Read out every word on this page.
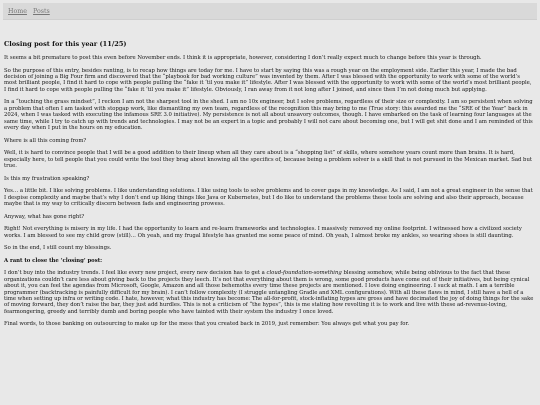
Home Posts
Closing post for this year (11/25)

It seems a bit premature to post this even before November ends. I think it is appropriate, however, considering I don’t really expect much to change before this year is through.

So the purpose of this entry, besides ranting, is to recap how things are today for me. I have to start by saying this was a rough year on the employment side. Earlier this year, I made the bad decision of joining a Big Four firm and discovered that the “playbook for bad working culture” was invented by them. After I was blessed with the opportunity to work with some of the world’s most brilliant people, I find it hard to cope with people pulling the “fake it ‘til you make it” lifestyle. After I was blessed with the opportunity to work with some of the world’s most brilliant people, I find it hard to cope with people pulling the “fake it ‘til you make it” lifestyle. Obviously, I ran away from it not long after I joined, and since then I’m not doing much but applying.

In a “touching the grass mindset”, I reckon I am not the sharpest tool in the shed. I am no 10x engineer, but I solve problems, regardless of their size or complexity. I am so persistent when solving a problem that often I am tasked with stopgap work, like dismantling my own team, regardless of the recognition this may bring to me (True story: this awarded me the “SRE of the Year” back in 2024, when I was tasked with executing the infamous SRE 3.0 initiative). My persistence is not all about unsavory outcomes, though. I have embarked on the task of learning four languages at the same time, while I try to catch up with trends and technologies. I may not be an expert in a topic and probably I will not care about becoming one, but I will get shit done and I am reminded of this every day when I put in the hours on my education.

Where is all this coming from?

Well, it is hard to convince people that I will be a good addition to their lineup when all they care about is a “shopping list” of skills, where somehow years count more than brains. It is hard, especially here, to tell people that you could write the tool they brag about knowing all the specifics of, because being a problem solver is a skill that is not pursued in the Mexican market. Sad but true.

Is this my frustration speaking?

Yes… a little bit. I like solving problems. I like understanding solutions. I like using tools to solve problems and to cover gaps in my knowledge. As I said, I am not a great engineer in the sense that I despise complexity and maybe that’s why I don’t end up liking things like Java or Kubernetes, but I do like to understand the problems these tools are solving and also their approach, because maybe that is my way to critically discern between fads and engineering prowess.

Anyway, what has gone right?

Right! Not everything is misery in my life. I had the opportunity to learn and re-learn frameworks and technologies. I massively removed my online footprint. I witnessed how a civilized society works. I am blessed to see my child grow (still)… Oh yeah, and my frugal lifestyle has granted me some peace of mind. Oh yeah, I almost broke my ankles, so wearing shoes is still daunting.

So in the end, I still count my blessings.

A rant to close the ‘closing’ post:

I don’t buy into the industry trends. I feel like every new project, every new decision has to get a cloud-foundation-something blessing somehow, while being oblivious to the fact that these organizations couldn’t care less about giving back to the projects they leech. It’s not that everything about them is wrong, some good products have come out of their initiatives, but being cynical about it, you can feel the agendas from Microsoft, Google, Amazon and all those behemoths every time these projects are mentioned. I love doing engineering. I suck at math. I am a terrible programmer (backtracking is painfully difficult for my brain). I can’t follow complexity (I struggle untangling Gradle and XML configurations). With all these flaws in mind, I still have a hell of a time when setting up infra or writing code. I hate, however, what this industry has become: The all-for-profit, stock-inflating hypes are gross and have decimated the joy of doing things for the sake of moving forward, they don’t raise the bar, they just add hurdles. This is not a criticism of “the hypes”, this is me stating how revolting it is to work and live with these ad-revenue-loving, fearmongering, greedy and terribly dumb and boring people who have tainted with their system the industry I once loved.

Final words, to those banking on outsourcing to make up for the mess that you created back in 2019, just remember: You always get what you pay for.
